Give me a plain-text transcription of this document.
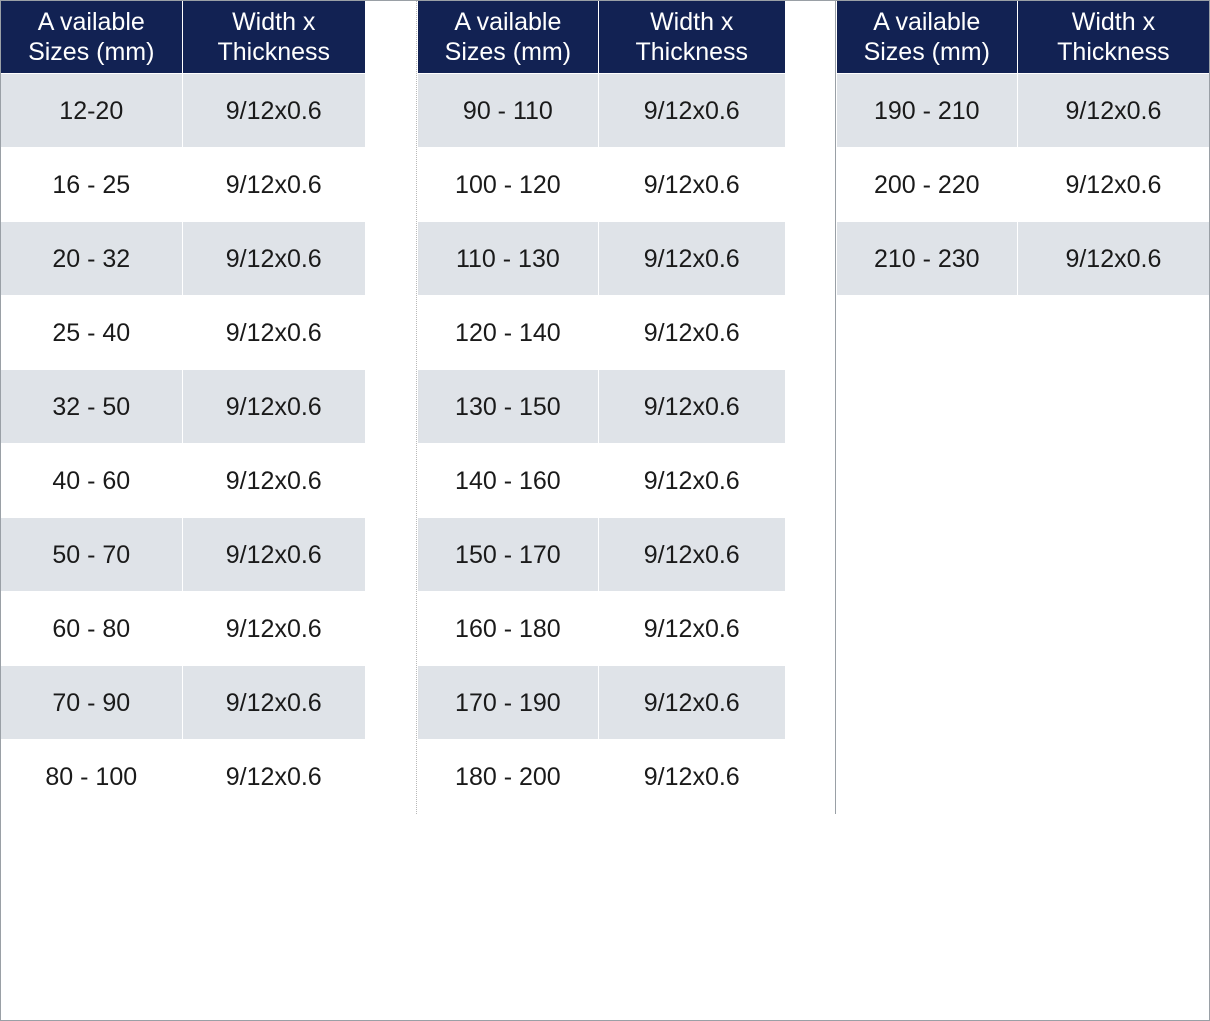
A vailable Sizes (mm)	Width x Thickness
12-20	9/12x0.6
16 - 25	9/12x0.6
20 - 32	9/12x0.6
25 - 40	9/12x0.6
32 - 50	9/12x0.6
40 - 60	9/12x0.6
50 - 70	9/12x0.6
60 - 80	9/12x0.6
70 - 90	9/12x0.6
80 - 100	9/12x0.6
A vailable Sizes (mm)	Width x Thickness
90 - 110	9/12x0.6
100 - 120	9/12x0.6
110 - 130	9/12x0.6
120 - 140	9/12x0.6
130 - 150	9/12x0.6
140 - 160	9/12x0.6
150 - 170	9/12x0.6
160 - 180	9/12x0.6
170 - 190	9/12x0.6
180 - 200	9/12x0.6
A vailable Sizes (mm)	Width x Thickness
190 - 210	9/12x0.6
200 - 220	9/12x0.6
210 - 230	9/12x0.6
